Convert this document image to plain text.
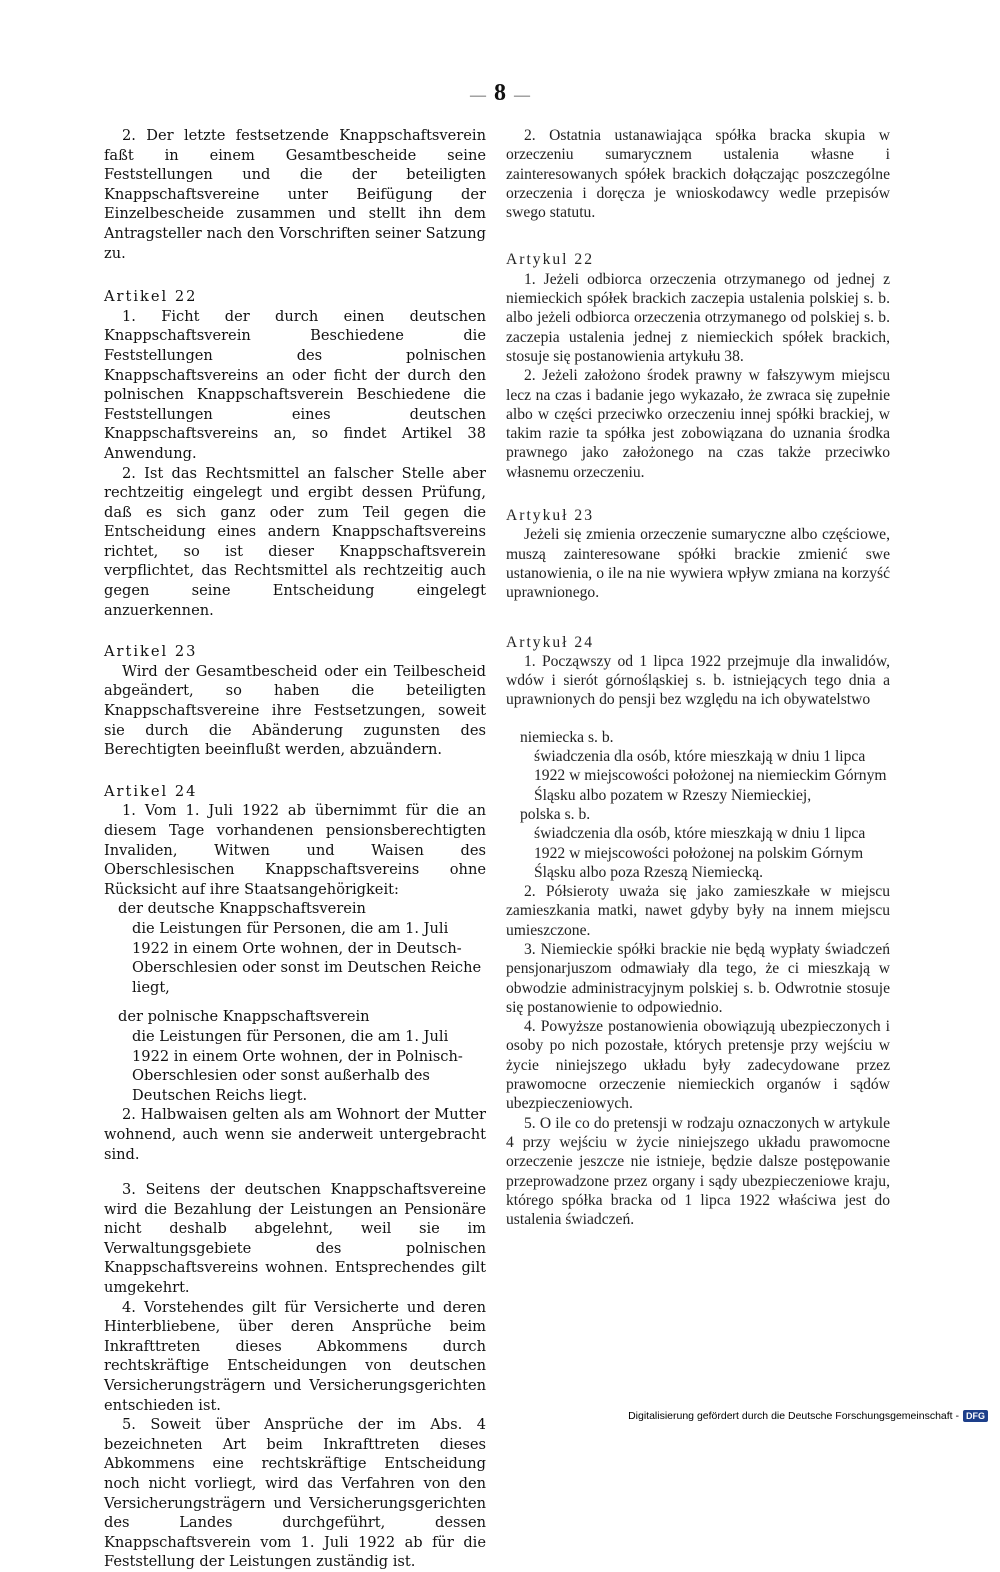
— 8 —

2. Der letzte festsetzende Knappschaftsverein faßt in einem Gesamtbescheide seine Feststellungen und die der beteiligten Knappschaftsvereine unter Beifügung der Einzelbescheide zusammen und stellt ihn dem Antragsteller nach den Vorschriften seiner Satzung zu.

Artikel 22

1. Ficht der durch einen deutschen Knappschaftsverein Beschiedene die Feststellungen des polnischen Knappschaftsvereins an oder ficht der durch den polnischen Knappschaftsverein Beschiedene die Feststellungen eines deutschen Knappschaftsvereins an, so findet Artikel 38 Anwendung.

2. Ist das Rechtsmittel an falscher Stelle aber rechtzeitig eingelegt und ergibt dessen Prüfung, daß es sich ganz oder zum Teil gegen die Entscheidung eines andern Knappschaftsvereins richtet, so ist dieser Knappschaftsverein verpflichtet, das Rechtsmittel als rechtzeitig auch gegen seine Entscheidung eingelegt anzuerkennen.

Artikel 23

Wird der Gesamtbescheid oder ein Teilbescheid abgeändert, so haben die beteiligten Knappschaftsvereine ihre Festsetzungen, soweit sie durch die Abänderung zugunsten des Berechtigten beeinflußt werden, abzuändern.

Artikel 24

1. Vom 1. Juli 1922 ab übernimmt für die an diesem Tage vorhandenen pensionsberechtigten Invaliden, Witwen und Waisen des Oberschlesischen Knappschaftsvereins ohne Rücksicht auf ihre Staatsangehörigkeit:

der deutsche Knappschaftsverein

die Leistungen für Personen, die am 1. Juli 1922 in einem Orte wohnen, der in Deutsch-Oberschlesien oder sonst im Deutschen Reiche liegt,

der polnische Knappschaftsverein

die Leistungen für Personen, die am 1. Juli 1922 in einem Orte wohnen, der in Polnisch-Oberschlesien oder sonst außerhalb des Deutschen Reichs liegt.

2. Halbwaisen gelten als am Wohnort der Mutter wohnend, auch wenn sie anderweit untergebracht sind.

3. Seitens der deutschen Knappschaftsvereine wird die Bezahlung der Leistungen an Pensionäre nicht deshalb abgelehnt, weil sie im Verwaltungsgebiete des polnischen Knappschaftsvereins wohnen. Entsprechendes gilt umgekehrt.

4. Vorstehendes gilt für Versicherte und deren Hinterbliebene, über deren Ansprüche beim Inkrafttreten dieses Abkommens durch rechtskräftige Entscheidungen von deutschen Versicherungsträgern und Versicherungsgerichten entschieden ist.

5. Soweit über Ansprüche der im Abs. 4 bezeichneten Art beim Inkrafttreten dieses Abkommens eine rechtskräftige Entscheidung noch nicht vorliegt, wird das Verfahren von den Versicherungsträgern und Versicherungsgerichten des Landes durchgeführt, dessen Knappschaftsverein vom 1. Juli 1922 ab für die Feststellung der Leistungen zuständig ist.

2. Ostatnia ustanawiająca spółka bracka skupia w orzeczeniu sumarycznem ustalenia własne i zainteresowanych spółek brackich dołączając poszczególne orzeczenia i doręcza je wnioskodawcy wedle przepisów swego statutu.

Artykul 22

1. Jeżeli odbiorca orzeczenia otrzymanego od jednej z niemieckich spółek brackich zaczepia ustalenia polskiej s. b. albo jeżeli odbiorca orzeczenia otrzymanego od polskiej s. b. zaczepia ustalenia jednej z niemieckich spółek brackich, stosuje się postanowienia artykułu 38.

2. Jeżeli założono środek prawny w fałszywym miejscu lecz na czas i badanie jego wykazało, że zwraca się zupełnie albo w części przeciwko orzeczeniu innej spółki brackiej, w takim razie ta spółka jest zobowiązana do uznania środka prawnego jako założonego na czas także przeciwko własnemu orzeczeniu.

Artykuł 23

Jeżeli się zmienia orzeczenie sumaryczne albo częściowe, muszą zainteresowane spółki brackie zmienić swe ustanowienia, o ile na nie wywiera wpływ zmiana na korzyść uprawnionego.

Artykuł 24

1. Począwszy od 1 lipca 1922 przejmuje dla inwalidów, wdów i sierót górnośląskiej s. b. istniejących tego dnia a uprawnionych do pensji bez względu na ich obywatelstwo

niemiecka s. b.

świadczenia dla osób, które mieszkają w dniu 1 lipca 1922 w miejscowości położonej na niemieckim Górnym Śląsku albo pozatem w Rzeszy Niemieckiej,

polska s. b.

świadczenia dla osób, które mieszkają w dniu 1 lipca 1922 w miejscowości położonej na polskim Górnym Śląsku albo poza Rzeszą Niemiecką.

2. Półsieroty uważa się jako zamieszkałe w miejscu zamieszkania matki, nawet gdyby były na innem miejscu umieszczone.

3. Niemieckie spółki brackie nie będą wypłaty świadczeń pensjonarjuszom odmawiały dla tego, że ci mieszkają w obwodzie administracyjnym polskiej s. b. Odwrotnie stosuje się postanowienie to odpowiednio.

4. Powyższe postanowienia obowiązują ubezpieczonych i osoby po nich pozostałe, których pretensje przy wejściu w życie niniejszego układu były zadecydowane przez prawomocne orzeczenie niemieckich organów i sądów ubezpieczeniowych.

5. O ile co do pretensji w rodzaju oznaczonych w artykule 4 przy wejściu w życie niniejszego układu prawomocne orzeczenie jeszcze nie istnieje, będzie dalsze postępowanie przeprowadzone przez organy i sądy ubezpieczeniowe kraju, którego spółka bracka od 1 lipca 1922 właściwa jest do ustalenia świadczeń.

Digitalisierung gefördert durch die Deutsche Forschungsgemeinschaft - DFG
